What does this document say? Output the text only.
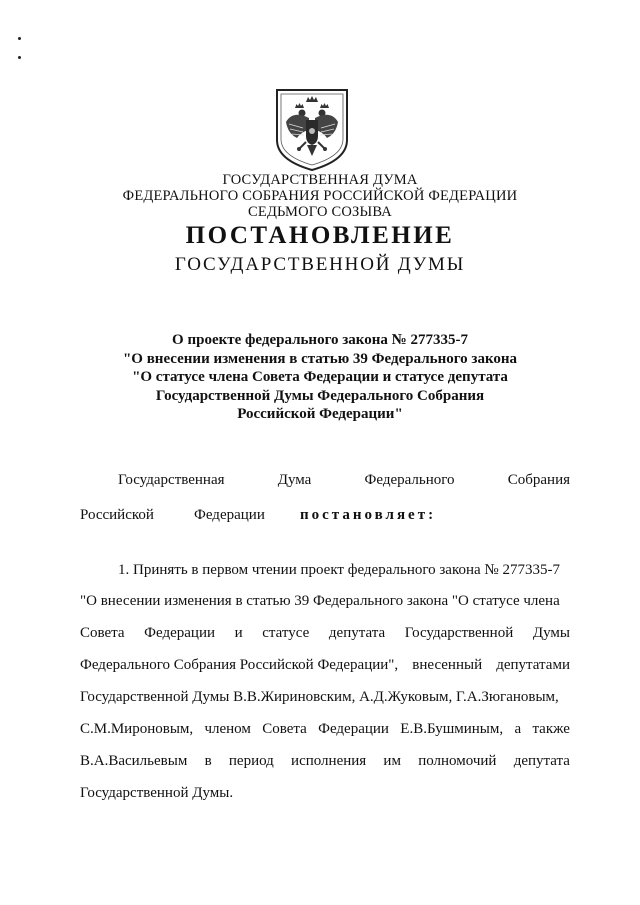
ГОСУДАРСТВЕННАЯ ДУМА
ФЕДЕРАЛЬНОГО СОБРАНИЯ РОССИЙСКОЙ ФЕДЕРАЦИИ
СЕДЬМОГО СОЗЫВА
ПОСТАНОВЛЕНИЕ
ГОСУДАРСТВЕННОЙ ДУМЫ
О проекте федерального закона № 277335-7
"О внесении изменения в статью 39 Федерального закона
"О статусе члена Совета Федерации и статусе депутата
Государственной Думы Федерального Собрания
Российской Федерации"
Государственная	Дума	Федерального	Собрания
Российской	Федерации постановляет:
1. Принять в первом чтении проект федерального закона № 277335-7
"О внесении изменения в статью 39 Федерального закона "О статусе члена
Совета Федерации и статусе депутата Государственной Думы
Федерального Собрания Российской Федерации", внесенный депутатами
Государственной Думы В.В.Жириновским, А.Д.Жуковым, Г.А.Зюгановым,
С.М.Мироновым, членом Совета Федерации Е.В.Бушминым, а также
В.А.Васильевым в период исполнения им полномочий депутата
Государственной Думы.
